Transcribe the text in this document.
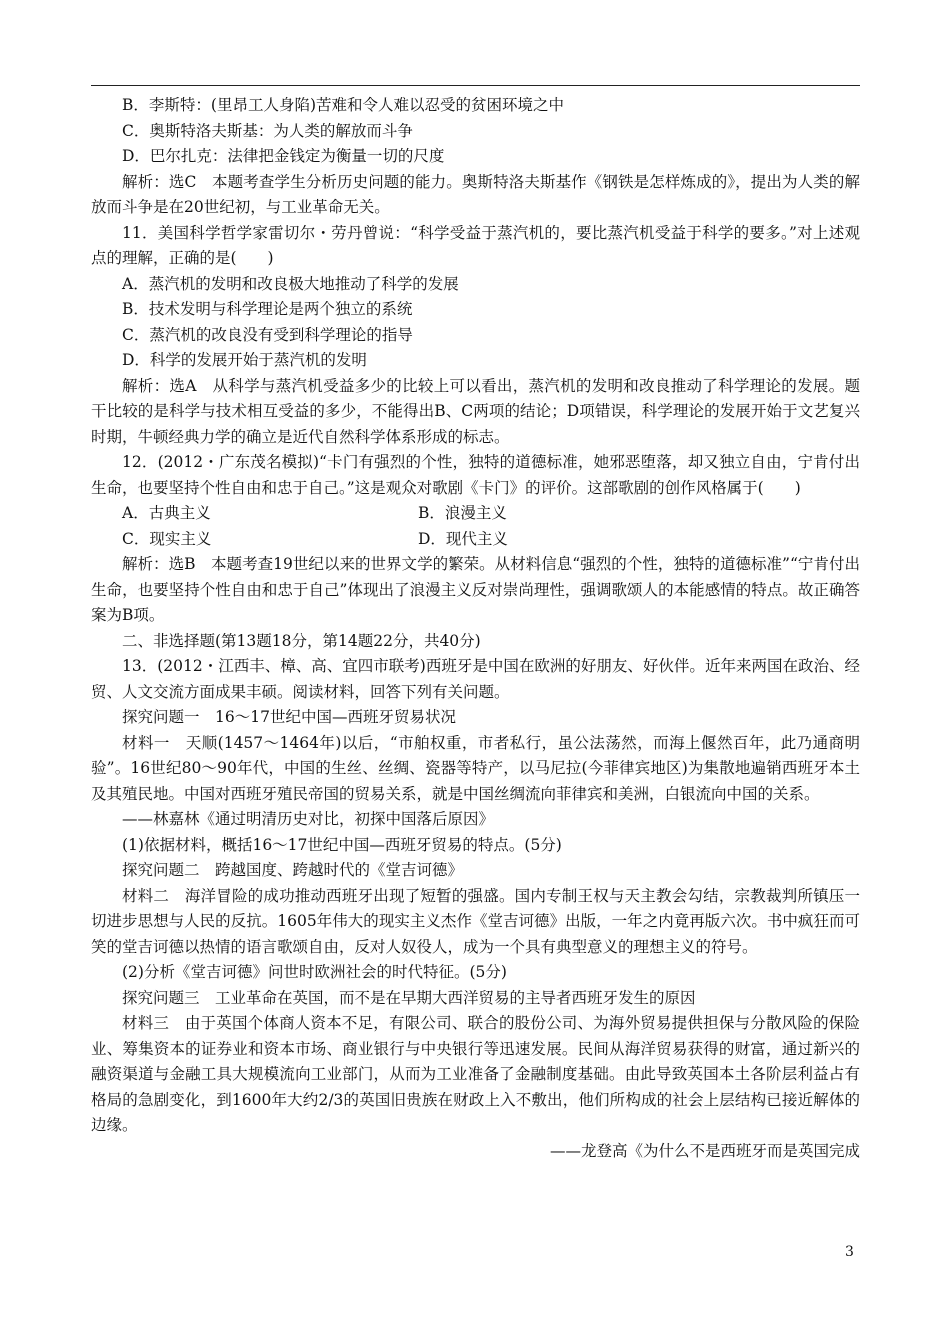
B．李斯特：(里昂工人身陷)苦难和令人难以忍受的贫困环境之中

C．奥斯特洛夫斯基：为人类的解放而斗争

D．巴尔扎克：法律把金钱定为衡量一切的尺度

解析：选C　本题考查学生分析历史问题的能力。奥斯特洛夫斯基作《钢铁是怎样炼成的》，提出为人类的解放而斗争是在20世纪初，与工业革命无关。

11．美国科学哲学家雷切尔・劳丹曾说：“科学受益于蒸汽机的，要比蒸汽机受益于科学的要多。”对上述观点的理解，正确的是(　　)

A．蒸汽机的发明和改良极大地推动了科学的发展

B．技术发明与科学理论是两个独立的系统

C．蒸汽机的改良没有受到科学理论的指导

D．科学的发展开始于蒸汽机的发明

解析：选A　从科学与蒸汽机受益多少的比较上可以看出，蒸汽机的发明和改良推动了科学理论的发展。题干比较的是科学与技术相互受益的多少，不能得出B、C两项的结论；D项错误，科学理论的发展开始于文艺复兴时期，牛顿经典力学的确立是近代自然科学体系形成的标志。

12．(2012・广东茂名模拟)“卡门有强烈的个性，独特的道德标准，她邪恶堕落，却又独立自由，宁肯付出生命，也要坚持个性自由和忠于自己。”这是观众对歌剧《卡门》的评价。这部歌剧的创作风格属于(　　)

A．古典主义	B．浪漫主义
C．现实主义	D．现代主义

解析：选B　本题考查19世纪以来的世界文学的繁荣。从材料信息“强烈的个性，独特的道德标准”“宁肯付出生命，也要坚持个性自由和忠于自己”体现出了浪漫主义反对崇尚理性，强调歌颂人的本能感情的特点。故正确答案为B项。

二、非选择题(第13题18分，第14题22分，共40分)

13．(2012・江西丰、樟、高、宜四市联考)西班牙是中国在欧洲的好朋友、好伙伴。近年来两国在政治、经贸、人文交流方面成果丰硕。阅读材料，回答下列有关问题。

探究问题一　16～17世纪中国—西班牙贸易状况

材料一　天顺(1457～1464年)以后，“市舶权重，市者私行，虽公法荡然，而海上偃然百年，此乃通商明验”。16世纪80～90年代，中国的生丝、丝绸、瓷器等特产，以马尼拉(今菲律宾地区)为集散地遍销西班牙本土及其殖民地。中国对西班牙殖民帝国的贸易关系，就是中国丝绸流向菲律宾和美洲，白银流向中国的关系。

——林嘉林《通过明清历史对比，初探中国落后原因》

(1)依据材料，概括16～17世纪中国—西班牙贸易的特点。(5分)

探究问题二　跨越国度、跨越时代的《堂吉诃德》

材料二　海洋冒险的成功推动西班牙出现了短暂的强盛。国内专制王权与天主教会勾结，宗教裁判所镇压一切进步思想与人民的反抗。1605年伟大的现实主义杰作《堂吉诃德》出版，一年之内竟再版六次。书中疯狂而可笑的堂吉诃德以热情的语言歌颂自由，反对人奴役人，成为一个具有典型意义的理想主义的符号。

(2)分析《堂吉诃德》问世时欧洲社会的时代特征。(5分)

探究问题三　工业革命在英国，而不是在早期大西洋贸易的主导者西班牙发生的原因

材料三　由于英国个体商人资本不足，有限公司、联合的股份公司、为海外贸易提供担保与分散风险的保险业、筹集资本的证券业和资本市场、商业银行与中央银行等迅速发展。民间从海洋贸易获得的财富，通过新兴的融资渠道与金融工具大规模流向工业部门，从而为工业准备了金融制度基础。由此导致英国本土各阶层利益占有格局的急剧变化，到1600年大约2/3的英国旧贵族在财政上入不敷出，他们所构成的社会上层结构已接近解体的边缘。

——龙登高《为什么不是西班牙而是英国完成

3
